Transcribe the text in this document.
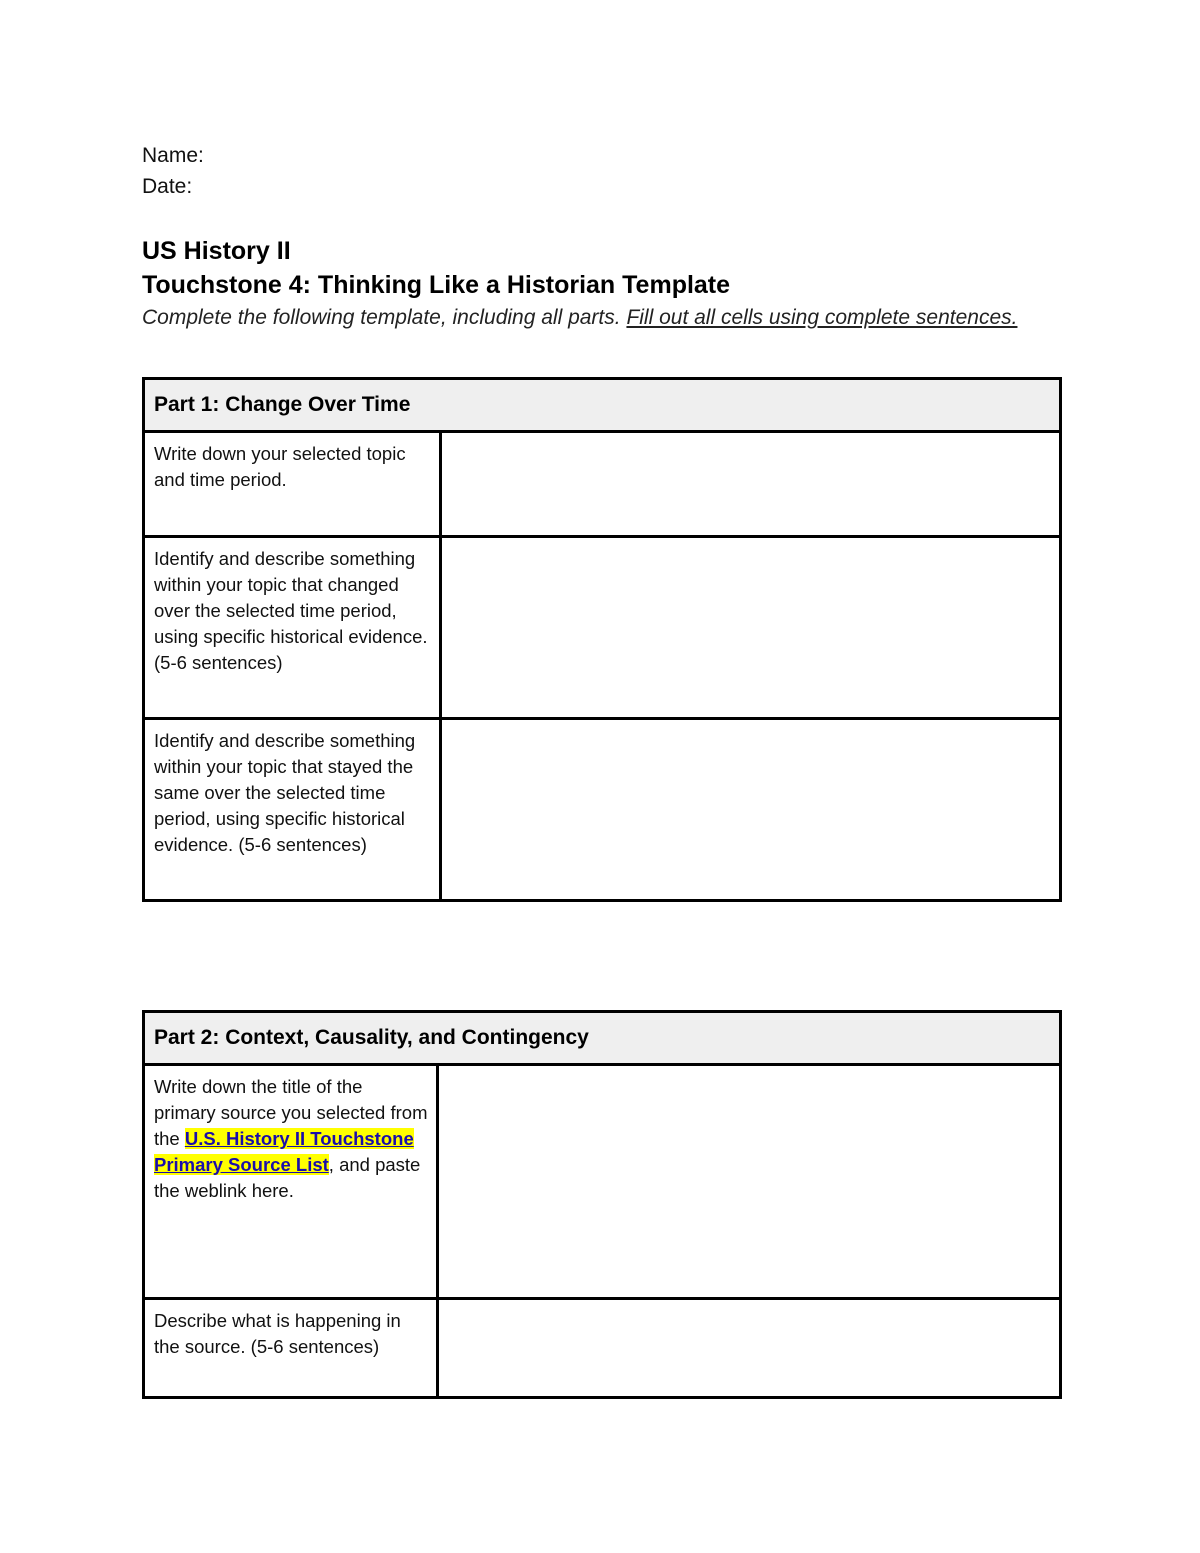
Name:
Date:
US History II
Touchstone 4: Thinking Like a Historian Template
Complete the following template, including all parts. Fill out all cells using complete sentences.
Part 1: Change Over Time	

Write down your selected topic and time period.	

Identify and describe something within your topic that changed over the selected time period, using specific historical evidence. (5-6 sentences)	

Identify and describe something within your topic that stayed the same over the selected time period, using specific historical evidence. (5-6 sentences)	

Part 2: Context, Causality, and Contingency	

Write down the title of the primary source you selected from the U.S. History II Touchstone Primary Source List, and paste the weblink here.	

Describe what is happening in the source. (5-6 sentences)	
